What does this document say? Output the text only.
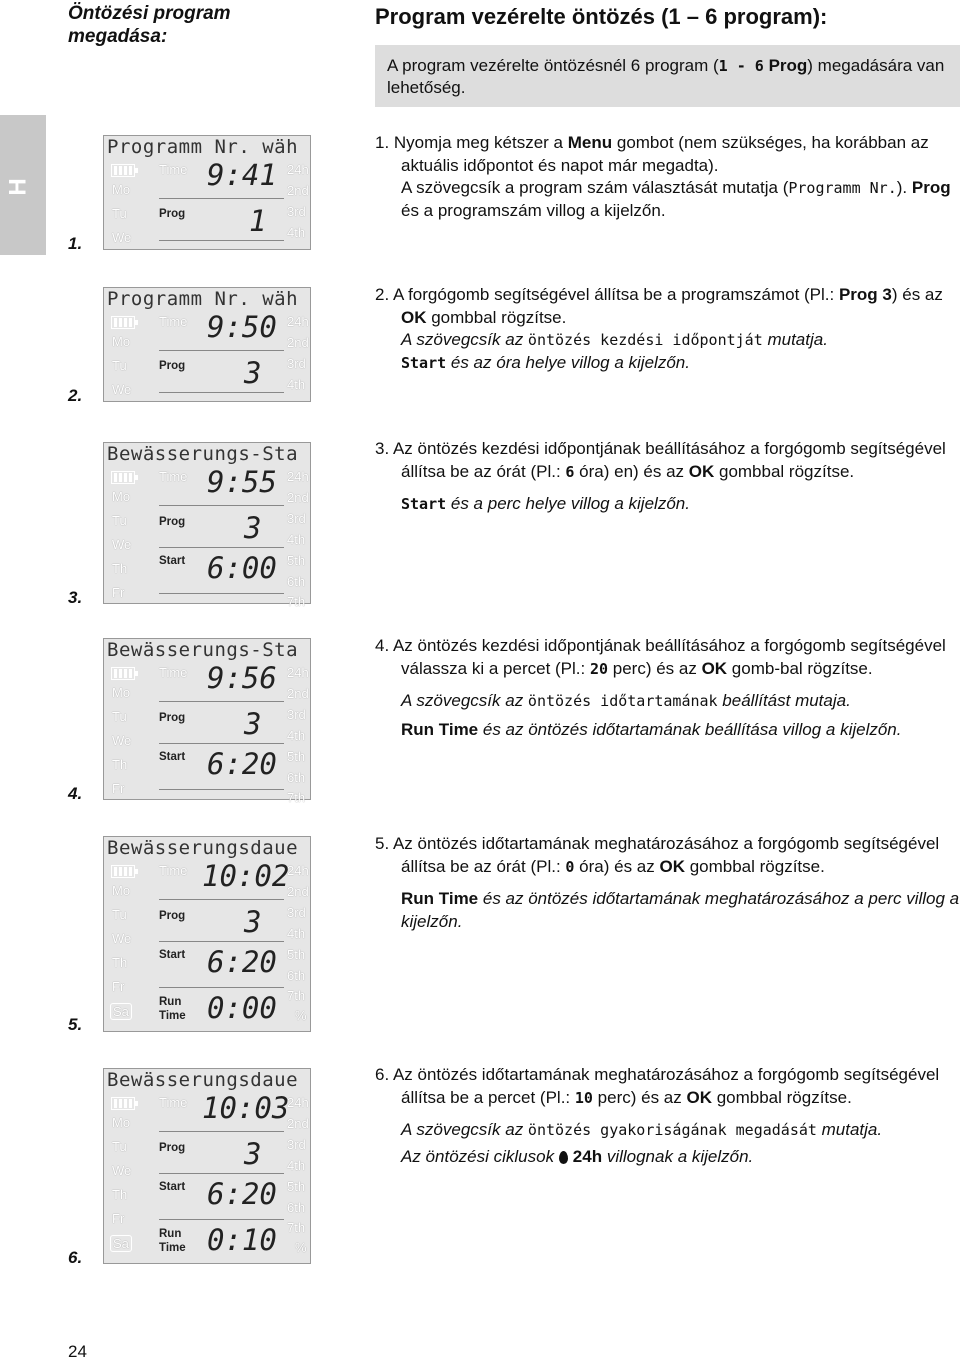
Öntözési program megadása:
Program vezérelte öntözés (1 – 6 program):
A program vezérelte öntözésnél 6 program (1 - 6 Prog) megadására van lehetőség.
H
1.
Programm Nr. wäh
Time 9:41
Mo
Tu
We
Prog 1
24h
2nd
3rd
4th

1. Nyomja meg kétszer a Menu gombot (nem szükséges, ha korábban az aktuális időpontot és napot már megadta).

A szövegcsík a program szám választását mutatja (Programm Nr.). Prog és a programszám villog a kijelzőn.

2.
Programm Nr. wäh
Time 9:50
Mo
Tu
We
Prog 3
24h
2nd
3rd
4th

2. A forgógomb segítségével állítsa be a programszámot (Pl.: Prog 3) és az OK gombbal rögzítse.

A szövegcsík az öntözés kezdési időpontját mutatja.

Start és az óra helye villog a kijelzőn.

3.
Bewässerungs-Sta
Time 9:55
Mo
Tu
We
Th
Fr
Prog 3
Start 6:00
24h
2nd
3rd
4th
5th
6th
7th

3. Az öntözés kezdési időpontjának beállításához a forgógomb segítségével állítsa be az órát (Pl.: 6 óra) en) és az OK gombbal rögzítse.

Start és a perc helye villog a kijelzőn.

4.
Bewässerungs-Sta
Time 9:56
Mo
Tu
We
Th
Fr
Prog 3
Start 6:20
24h
2nd
3rd
4th
5th
6th
7th

4. Az öntözés kezdési időpontjának beállításához a forgógomb segítségével válassza ki a percet (Pl.: 20 perc) és az OK gomb-bal rögzítse.

A szövegcsík az öntözés időtartamának beállítást mutaja.

Run Time és az öntözés időtartamának beállítása villog a kijelzőn.

5.
Bewässerungsdaue
Time 10:02
Mo
Tu
We
Th
Fr
Sa
Prog 3
Start 6:20
Run
Time 0:00
24h
2nd
3rd
4th
5th
6th
7th
%

5. Az öntözés időtartamának meghatározásához a forgógomb segítségével állítsa be az órát (Pl.: 0 óra) és az OK gombbal rögzítse.

Run Time és az öntözés időtartamának meghatározásához a perc villog a kijelzőn.

6.
Bewässerungsdaue
Time 10:03
Mo
Tu
We
Th
Fr
Sa
Prog 3
Start 6:20
Run
Time 0:10
24h
2nd
3rd
4th
5th
6th
7th
%

6. Az öntözés időtartamának meghatározásához a forgógomb segítségével állítsa be a percet (Pl.: 10 perc) és az OK gombbal rögzítse.

A szövegcsík az öntözés gyakoriságának megadását mutatja.

Az öntözési ciklusok 24h villognak a kijelzőn.

24
